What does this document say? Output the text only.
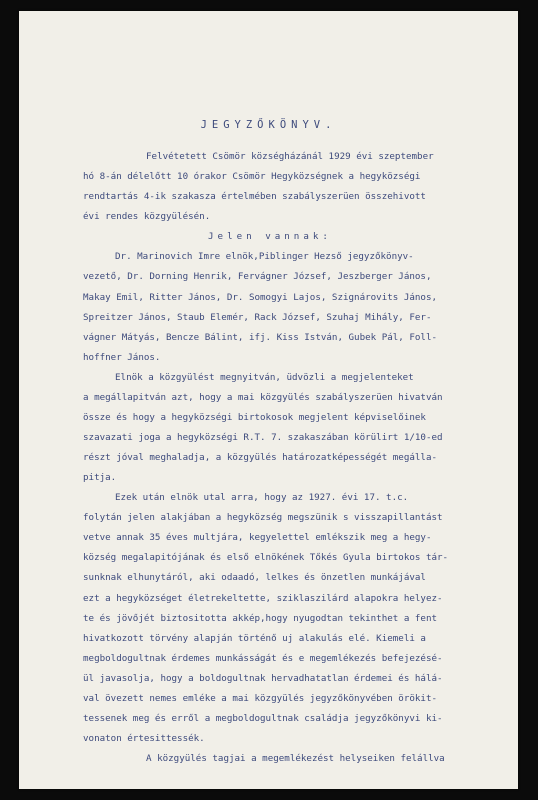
JEGYZŐKÖNYV.
Felvétetett Csömör községházánál 1929 évi szeptember
hó 8-án délelőtt 10 órakor Csömör Hegyközségnek a hegyközségi
rendtartás 4-ik szakasza értelmében szabályszerüen összehivott
évi rendes közgyülésén.
Jelen vannak:
Dr. Marinovich Imre elnök,Piblinger Hezső jegyzőkönyv-
vezető, Dr. Dorning Henrik, Fervágner József, Jeszberger János,
Makay Emil, Ritter János, Dr. Somogyi Lajos, Szignárovits János,
Spreitzer János, Staub Elemér, Rack József, Szuhaj Mihály, Fer-
vágner Mátyás, Bencze Bálint, ifj. Kiss István, Gubek Pál, Foll-
hoffner János.
Elnök a közgyülést megnyitván, üdvözli a megjelenteket
a megállapitván azt, hogy a mai közgyülés szabályszerüen hivatván
össze és hogy a hegyközségi birtokosok megjelent képviselőinek
szavazati joga a hegyközségi R.T. 7. szakaszában körülirt 1/10-ed
részt jóval meghaladja, a közgyülés határozatképességét megálla-
pitja.
Ezek után elnök utal arra, hogy az 1927. évi 17. t.c.
folytán jelen alakjában a hegyközség megszünik s visszapillantást
vetve annak 35 éves multjára, kegyelettel emlékszik meg a hegy-
község megalapitójának és első elnökének Tőkés Gyula birtokos tár-
sunknak elhunytáról, aki odaadó, lelkes és önzetlen munkájával
ezt a hegyközséget életrekeltette, sziklaszilárd alapokra helyez-
te és jövőjét biztositotta akkép,hogy nyugodtan tekinthet a fent
hivatkozott törvény alapján történő uj alakulás elé. Kiemeli a
megboldogultnak érdemes munkásságát és e megemlékezés befejezésé-
ül javasolja, hogy a boldogultnak hervadhatatlan érdemei és hálá-
val övezett nemes emléke a mai közgyülés jegyzőkönyvében örökit-
tessenek meg és erről a megboldogultnak családja jegyzőkönyvi ki-
vonaton értesittessék.
A közgyülés tagjai a megemlékezést helyseiken felállva
